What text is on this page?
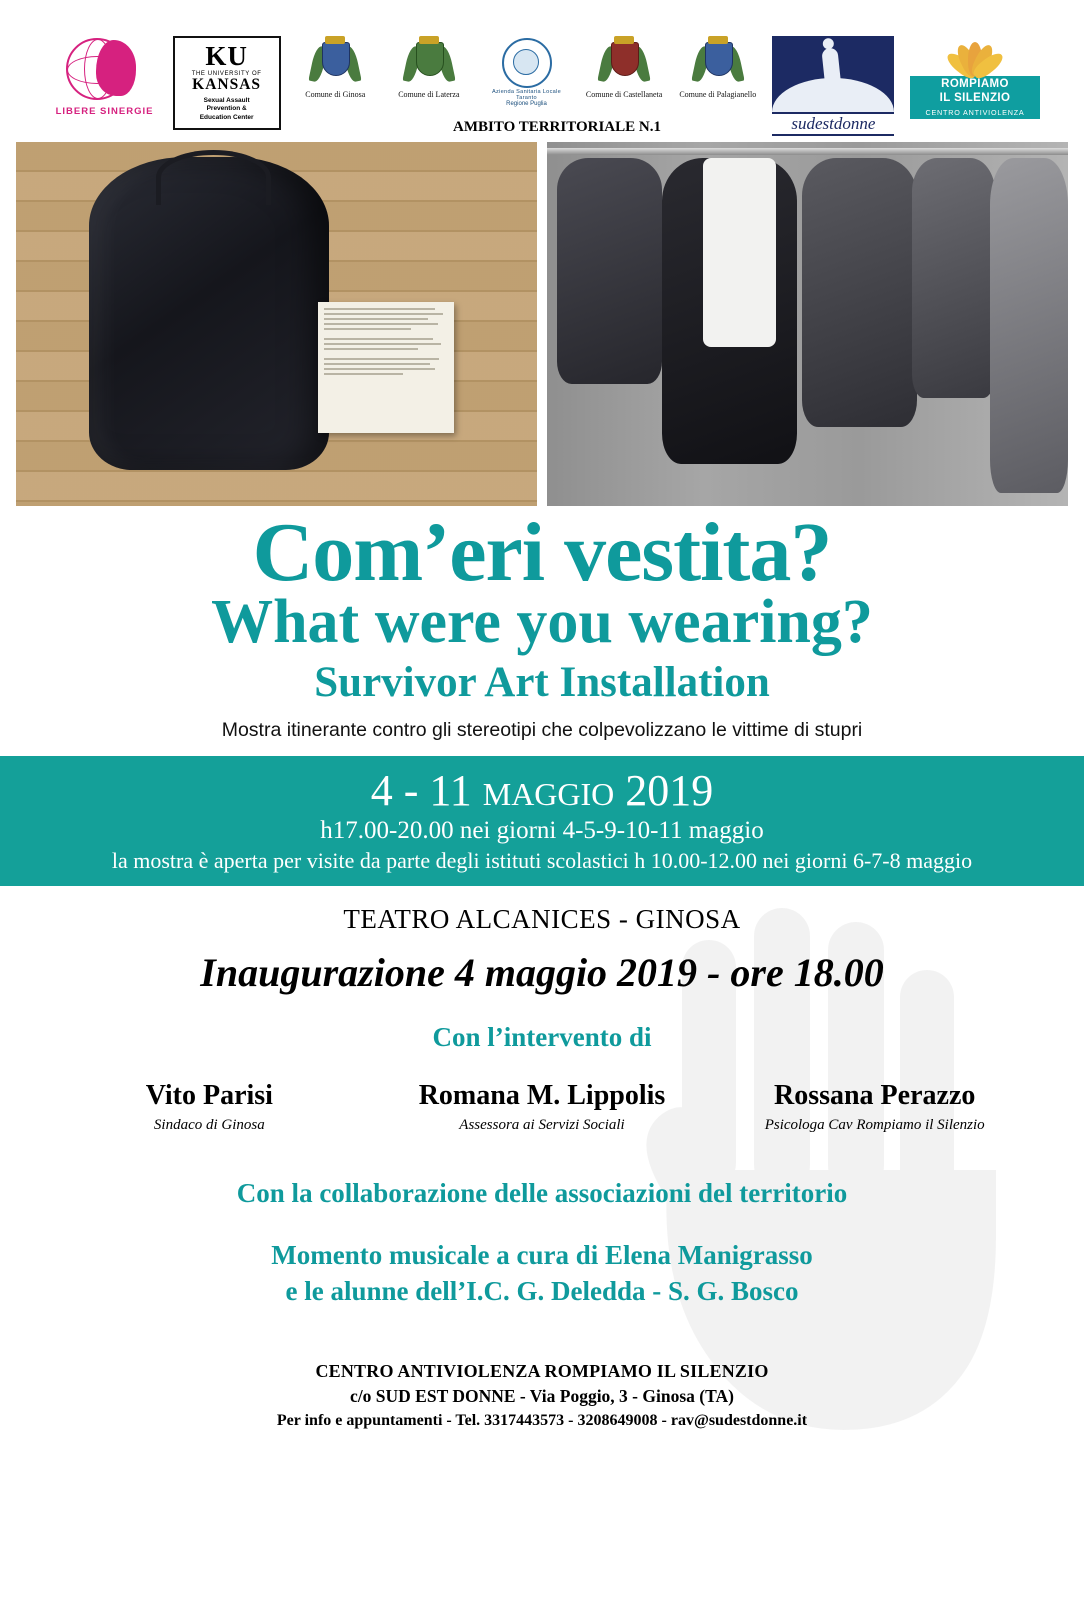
LIBERE SINERGIE
KU
THE UNIVERSITY OF
KANSAS
Sexual Assault
Prevention &
Education Center
Comune di Ginosa	Comune di Laterza	Azienda Sanitaria Locale Taranto
Regione Puglia
Comune di Castellaneta Comune di Palagianello
sudestdonne
ROMPIAMO
IL SILENZIO
CENTRO ANTIVIOLENZA
AMBITO TERRITORIALE N.1
Com’eri vestita?
What were you wearing?
Survivor Art Installation
Mostra itinerante contro gli stereotipi che colpevolizzano le vittime di stupri
4 - 11 MAGGIO 2019
h17.00-20.00 nei giorni 4-5-9-10-11 maggio
la mostra è aperta per visite da parte degli istituti scolastici h 10.00-12.00 nei giorni 6-7-8 maggio
TEATRO ALCANICES - GINOSA
Inaugurazione 4 maggio 2019 - ore 18.00
Con l’intervento di
Vito Parisi
Sindaco di Ginosa
Romana M. Lippolis
Assessora ai Servizi Sociali
Rossana Perazzo
Psicologa Cav Rompiamo il Silenzio
Con la collaborazione delle associazioni del territorio
Momento musicale a cura di Elena Manigrasso
e le alunne dell’I.C. G. Deledda - S. G. Bosco
CENTRO ANTIVIOLENZA ROMPIAMO IL SILENZIO
c/o SUD EST DONNE - Via Poggio, 3 - Ginosa (TA)
Per info e appuntamenti - Tel. 3317443573 - 3208649008 - rav@sudestdonne.it
